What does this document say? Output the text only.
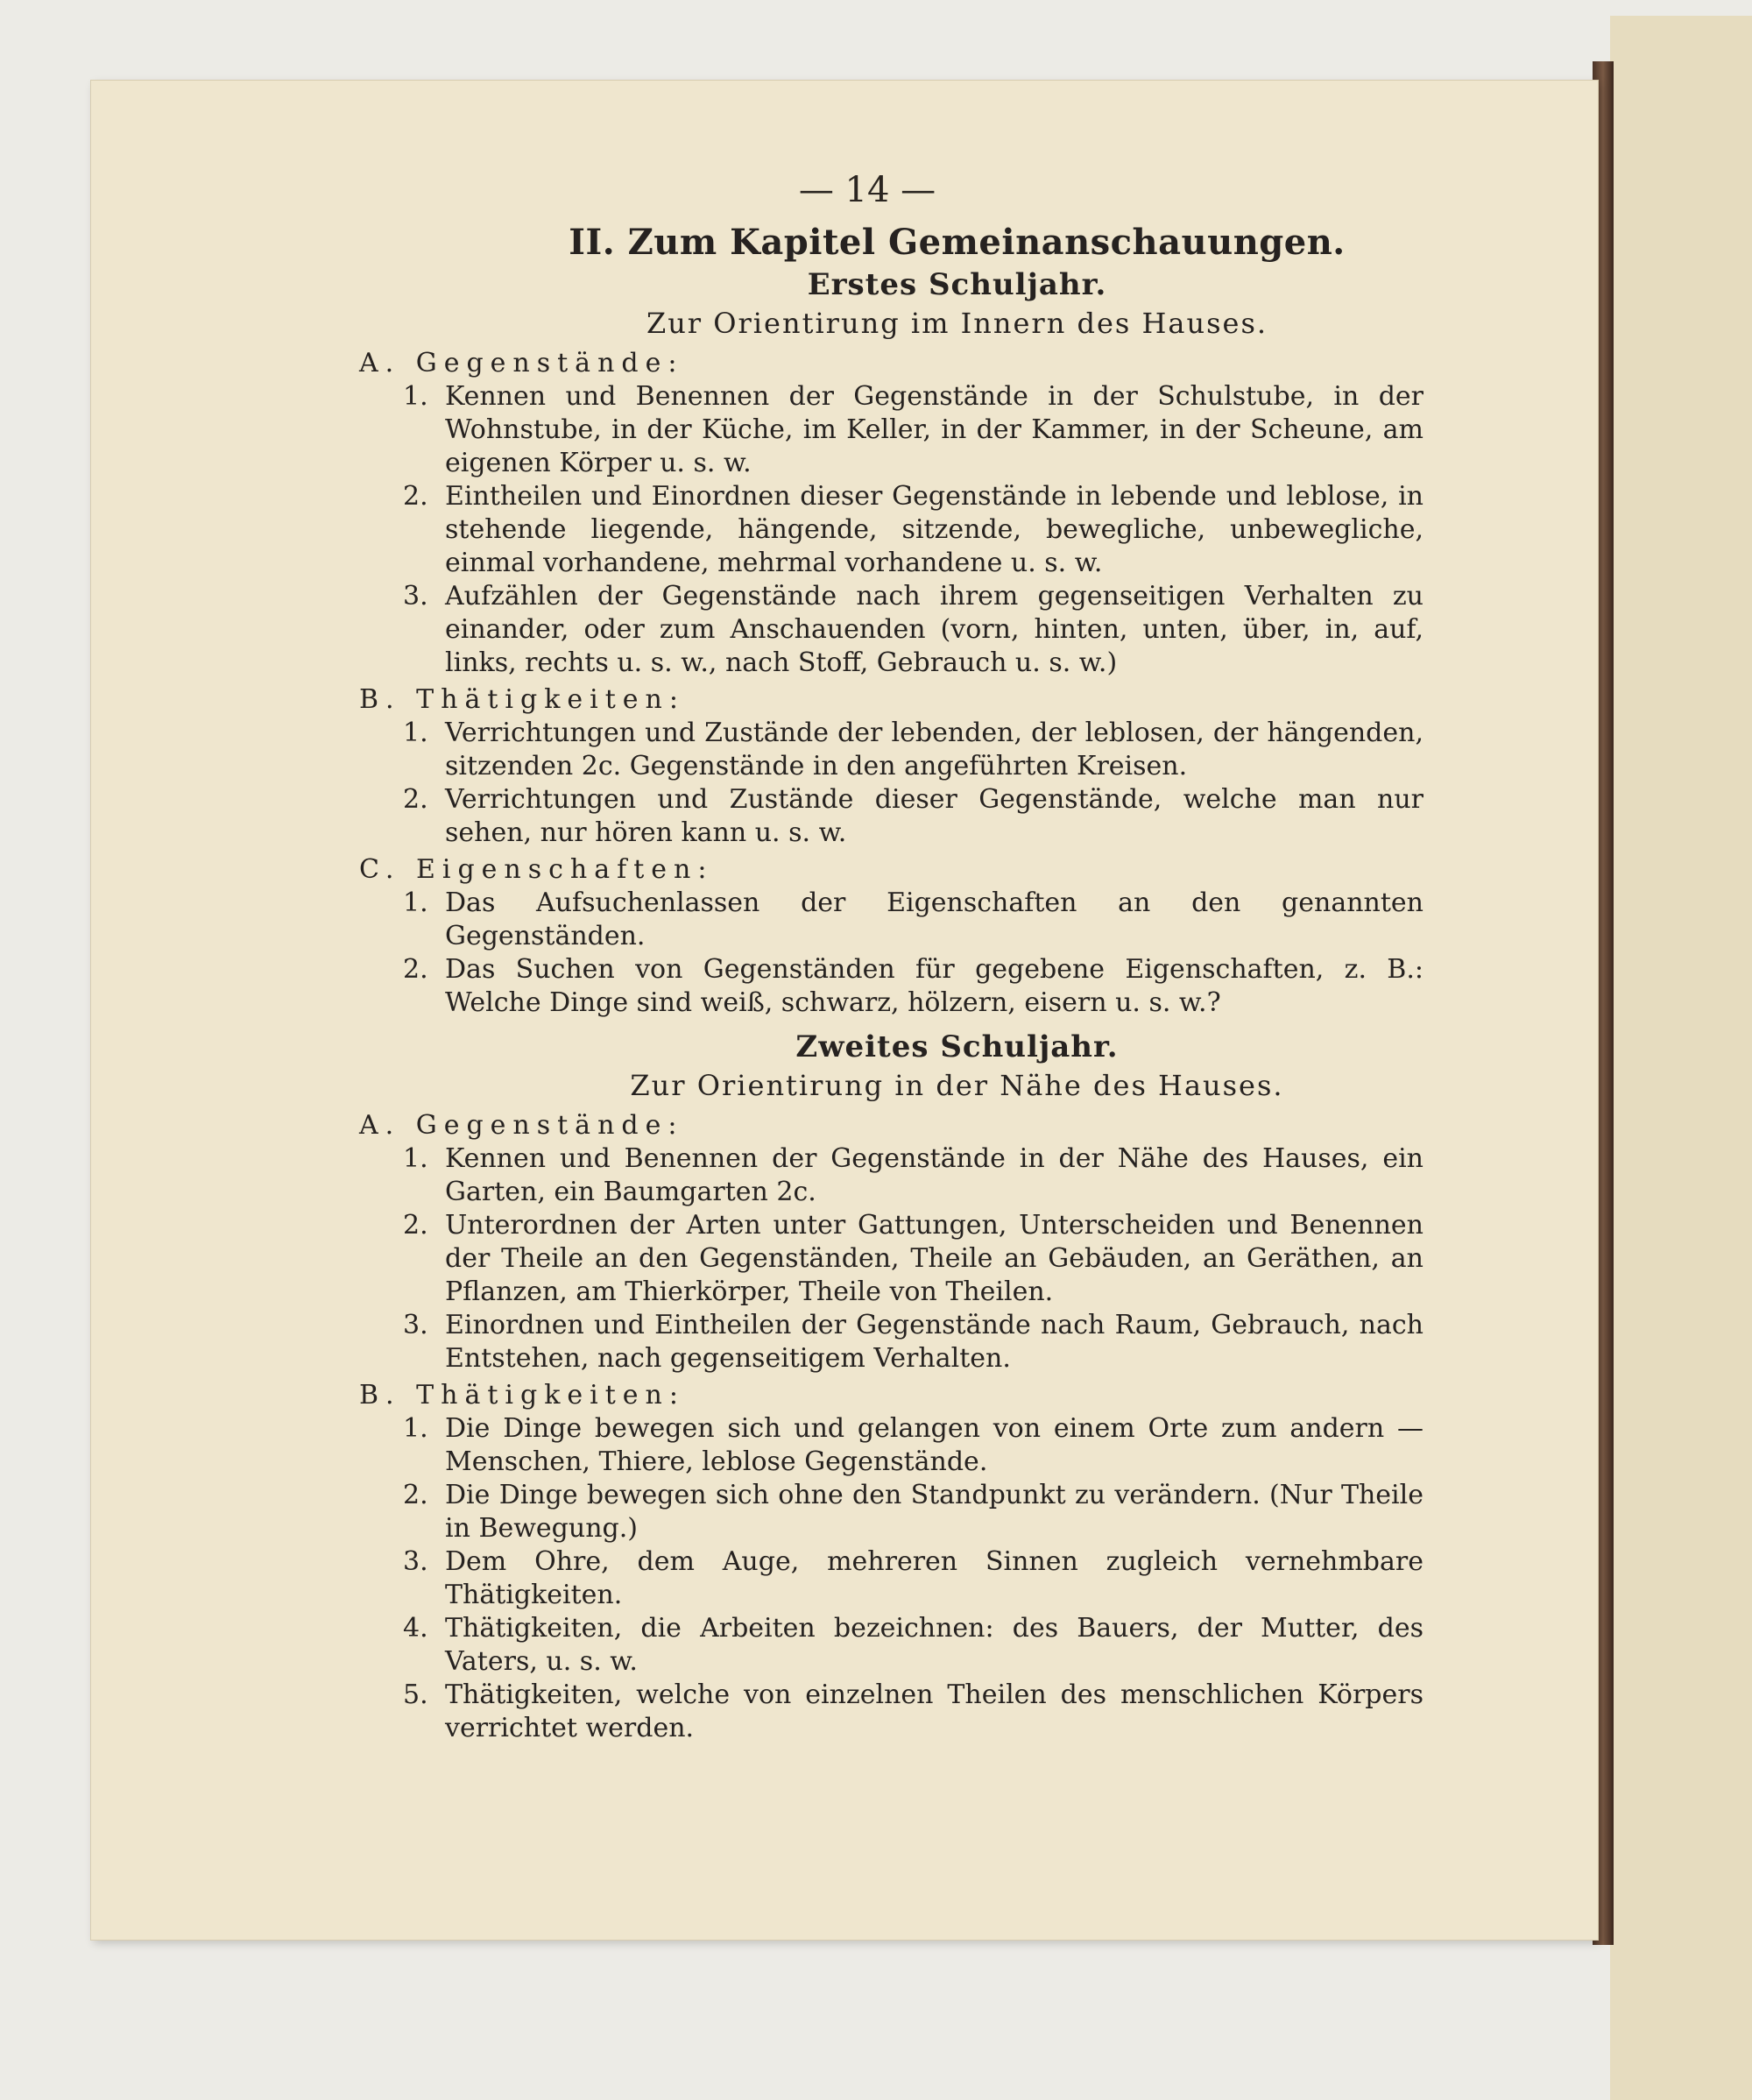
— 14 —
II. Zum Kapitel Gemeinanschauungen.
Erstes Schuljahr.
Zur Orientirung im Innern des Hauses.
A. Gegenstände:
1. Kennen und Benennen der Gegenstände in der Schulstube, in der Wohnstube, in der Küche, im Keller, in der Kammer, in der Scheune, am eigenen Körper u. s. w.
2. Eintheilen und Einordnen dieser Gegenstände in lebende und leblose, in stehende liegende, hängende, sitzende, bewegliche, unbewegliche, einmal vorhandene, mehrmal vorhandene u. s. w.
3. Aufzählen der Gegenstände nach ihrem gegenseitigen Verhalten zu einander, oder zum Anschauenden (vorn, hinten, unten, über, in, auf, links, rechts u. s. w., nach Stoff, Gebrauch u. s. w.)
B. Thätigkeiten:
1. Verrichtungen und Zustände der lebenden, der leblosen, der hängenden, sitzenden 2c. Gegenstände in den angeführten Kreisen.
2. Verrichtungen und Zustände dieser Gegenstände, welche man nur sehen, nur hören kann u. s. w.
C. Eigenschaften:
1. Das Aufsuchenlassen der Eigenschaften an den genannten Gegenständen.
2. Das Suchen von Gegenständen für gegebene Eigenschaften, z. B.: Welche Dinge sind weiß, schwarz, hölzern, eisern u. s. w.?
Zweites Schuljahr.
Zur Orientirung in der Nähe des Hauses.
A. Gegenstände:
1. Kennen und Benennen der Gegenstände in der Nähe des Hauses, ein Garten, ein Baumgarten 2c.
2. Unterordnen der Arten unter Gattungen, Unterscheiden und Benennen der Theile an den Gegenständen, Theile an Gebäuden, an Geräthen, an Pflanzen, am Thierkörper, Theile von Theilen.
3. Einordnen und Eintheilen der Gegenstände nach Raum, Gebrauch, nach Entstehen, nach gegenseitigem Verhalten.
B. Thätigkeiten:
1. Die Dinge bewegen sich und gelangen von einem Orte zum andern — Menschen, Thiere, leblose Gegenstände.
2. Die Dinge bewegen sich ohne den Standpunkt zu verändern. (Nur Theile in Bewegung.)
3. Dem Ohre, dem Auge, mehreren Sinnen zugleich vernehmbare Thätigkeiten.
4. Thätigkeiten, die Arbeiten bezeichnen: des Bauers, der Mutter, des Vaters, u. s. w.
5. Thätigkeiten, welche von einzelnen Theilen des menschlichen Körpers verrichtet werden.
